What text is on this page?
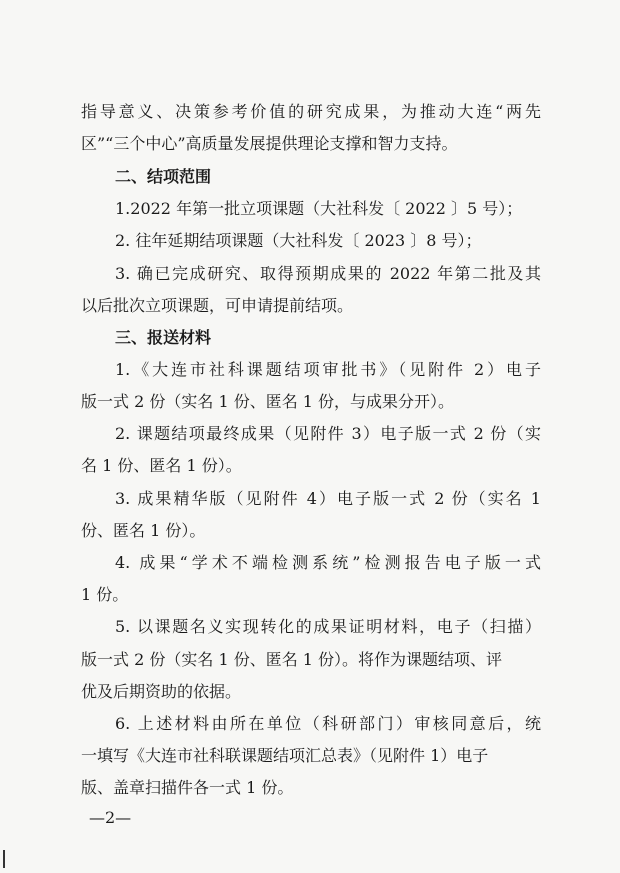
指导意义、决策参考价值的研究成果，为推动大连“两先

区”“三个中心”高质量发展提供理论支撑和智力支持。

二、结项范围

1.2022 年第一批立项课题（大社科发〔 2022 〕5 号）；

2. 往年延期结项课题（大社科发〔 2023 〕8 号）；

3. 确已完成研究、取得预期成果的 2022 年第二批及其

以后批次立项课题，可申请提前结项。

三、报送材料

1.《大连市社科课题结项审批书》（见附件 2）电子

版一式 2 份（实名 1 份、匿名 1 份，与成果分开）。

2. 课题结项最终成果（见附件 3）电子版一式 2 份（实

名 1 份、匿名 1 份）。

3. 成果精华版（见附件 4）电子版一式 2 份（实名 1

份、匿名 1 份）。

4. 成果“学术不端检测系统”检测报告电子版一式

1 份。

5. 以课题名义实现转化的成果证明材料，电子（扫描）

版一式 2 份（实名 1 份、匿名 1 份）。将作为课题结项、评

优及后期资助的依据。

6. 上述材料由所在单位（科研部门）审核同意后，统

一填写《大连市社科联课题结项汇总表》（见附件 1）电子

版、盖章扫描件各一式 1 份。

—2—
